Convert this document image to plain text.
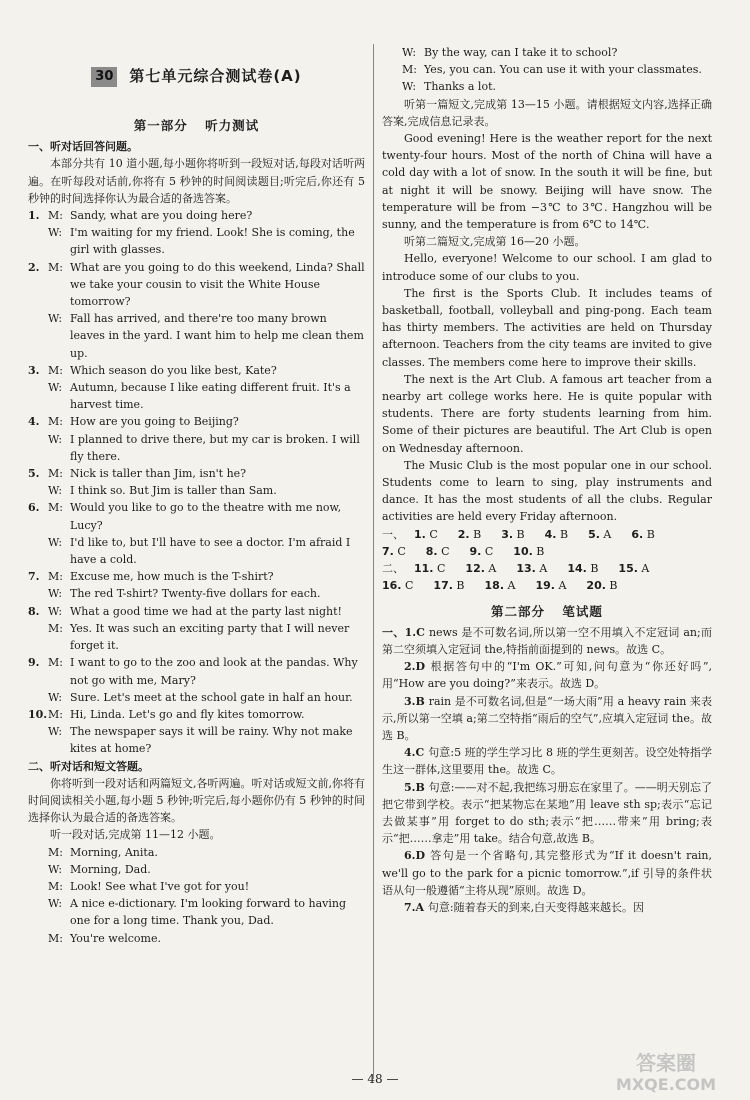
30 第七单元综合测试卷(A)
第一部分 听力测试

一、听对话回答问题。

本部分共有 10 道小题,每小题你将听到一段短对话,每段对话听两遍。在听每段对话前,你将有 5 秒钟的时间阅读题目;听完后,你还有 5 秒钟的时间选择你认为最合适的备选答案。

1. M: Sandy, what are you doing here?
W: I'm waiting for my friend. Look! She is coming, the girl with glasses.
2. M: What are you going to do this weekend, Linda? Shall we take your cousin to visit the White House tomorrow?
W: Fall has arrived, and there're too many brown leaves in the yard. I want him to help me clean them up.
3. M: Which season do you like best, Kate?
W: Autumn, because I like eating different fruit. It's a harvest time.
4. M: How are you going to Beijing?
W: I planned to drive there, but my car is broken. I will fly there.
5. M: Nick is taller than Jim, isn't he?
W: I think so. But Jim is taller than Sam.
6. M: Would you like to go to the theatre with me now, Lucy?
W: I'd like to, but I'll have to see a doctor. I'm afraid I have a cold.
7. M: Excuse me, how much is the T-shirt?
W: The red T-shirt? Twenty-five dollars for each.
8. W: What a good time we had at the party last night!
M: Yes. It was such an exciting party that I will never forget it.
9. M: I want to go to the zoo and look at the pandas. Why not go with me, Mary?
W: Sure. Let's meet at the school gate in half an hour.
10. M: Hi, Linda. Let's go and fly kites tomorrow.
W: The newspaper says it will be rainy. Why not make kites at home?

二、听对话和短文答题。

你将听到一段对话和两篇短文,各听两遍。听对话或短文前,你将有时间阅读相关小题,每小题 5 秒钟;听完后,每小题你仍有 5 秒钟的时间选择你认为最合适的备选答案。

听一段对话,完成第 11—12 小题。

M: Morning, Anita.
W: Morning, Dad.
M: Look! See what I've got for you!
W: A nice e-dictionary. I'm looking forward to having one for a long time. Thank you, Dad.
M: You're welcome.
W: By the way, can I take it to school?
M: Yes, you can. You can use it with your classmates.
W: Thanks a lot.

听第一篇短文,完成第 13—15 小题。请根据短文内容,选择正确答案,完成信息记录表。

Good evening! Here is the weather report for the next twenty-four hours. Most of the north of China will have a cold day with a lot of snow. In the south it will be fine, but at night it will be snowy. Beijing will have snow. The temperature will be from −3℃ to 3℃. Hangzhou will be sunny, and the temperature is from 6℃ to 14℃.

听第二篇短文,完成第 16—20 小题。

Hello, everyone! Welcome to our school. I am glad to introduce some of our clubs to you.

The first is the Sports Club. It includes teams of basketball, football, volleyball and ping-pong. Each team has thirty members. The activities are held on Thursday afternoon. Teachers from the city teams are invited to give classes. The members come here to improve their skills.

The next is the Art Club. A famous art teacher from a nearby art college works here. He is quite popular with students. There are forty students learning from him. Some of their pictures are beautiful. The Art Club is open on Wednesday afternoon.

The Music Club is the most popular one in our school. Students come to learn to sing, play instruments and dance. It has the most students of all the clubs. Regular activities are held every Friday afternoon.

一、 1. C	2. B	3. B	4. B	5. A	6. B
7. C	8. C	9. C	10. B
二、 11. C	12. A	13. A	14. B	15. A
16. C	17. B	18. A	19. A	20. B
第二部分 笔试题

一、1.C news 是不可数名词,所以第一空不用填入不定冠词 an;而第二空须填入定冠词 the,特指前面提到的 news。故选 C。

2.D 根据答句中的“I'm OK.”可知,问句意为“你还好吗”,用“How are you doing?”来表示。故选 D。

3.B rain 是不可数名词,但是“一场大雨”用 a heavy rain 来表示,所以第一空填 a;第二空特指“雨后的空气”,应填入定冠词 the。故选 B。

4.C 句意:5 班的学生学习比 8 班的学生更刻苦。设空处特指学生这一群体,这里要用 the。故选 C。

5.B 句意:——对不起,我把练习册忘在家里了。——明天别忘了把它带到学校。表示“把某物忘在某地”用 leave sth sp;表示“忘记去做某事”用 forget to do sth;表示“把……带来”用 bring;表示“把……拿走”用 take。结合句意,故选 B。

6.D 答句是一个省略句,其完整形式为“If it doesn't rain, we'll go to the park for a picnic tomorrow.”,if 引导的条件状语从句一般遵循“主将从现”原则。故选 D。

7.A 句意:随着春天的到来,白天变得越来越长。因

— 48 —
答案圈
MXQE.COM
